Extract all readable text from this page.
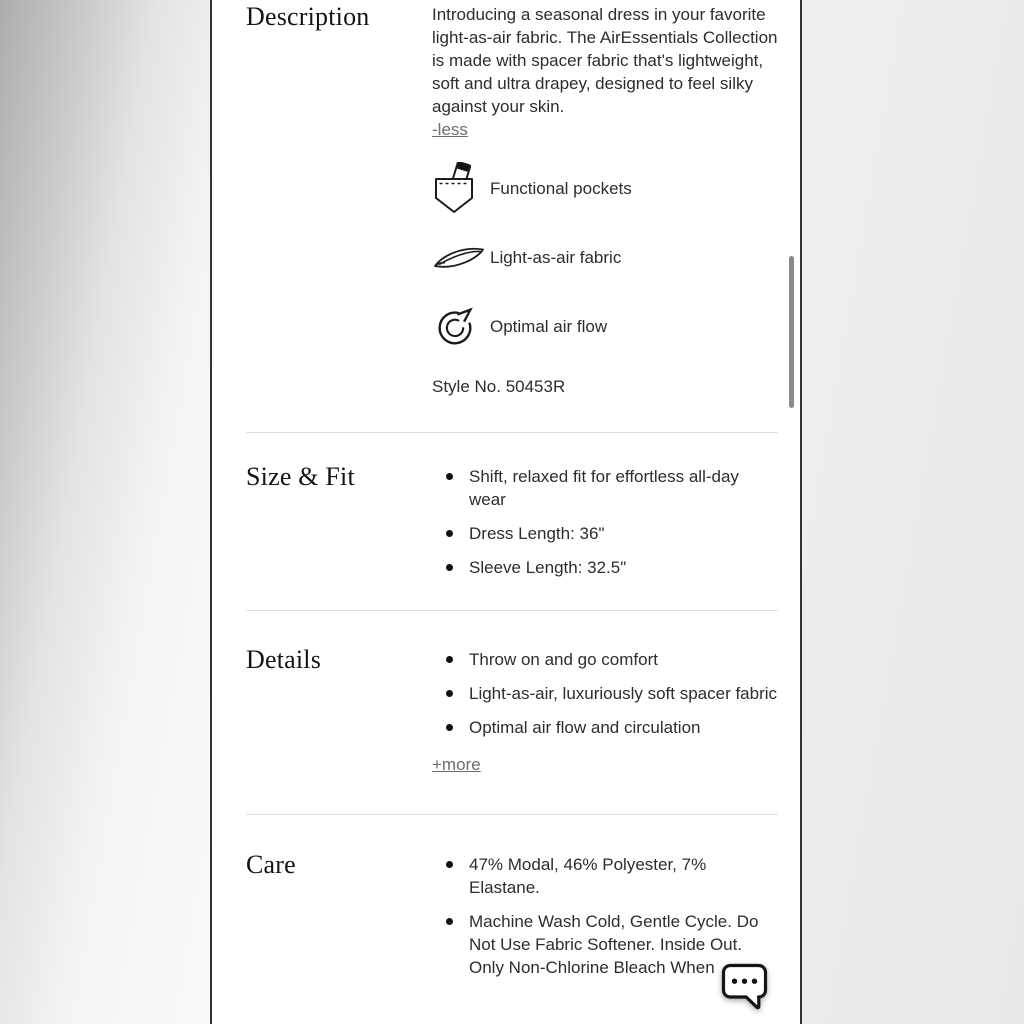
Description	Introducing a seasonal dress in your favorite light-as-air fabric. The AirEssentials Collection is made with spacer fabric that's lightweight, soft and ultra drapey, designed to feel silky against your skin.

-less
Functional pockets
Light-as-air fabric
Optimal air flow
Style No. 50453R
Size & Fit	Shift, relaxed fit for effortless all-day wear
Dress Length: 36"
Sleeve Length: 32.5"
Details	Throw on and go comfort
Light-as-air, luxuriously soft spacer fabric
Optimal air flow and circulation
+more
Care	47% Modal, 46% Polyester, 7% Elastane.
Machine Wash Cold, Gentle Cycle. Do Not Use Fabric Softener. Inside Out. Only Non-Chlorine Bleach When
